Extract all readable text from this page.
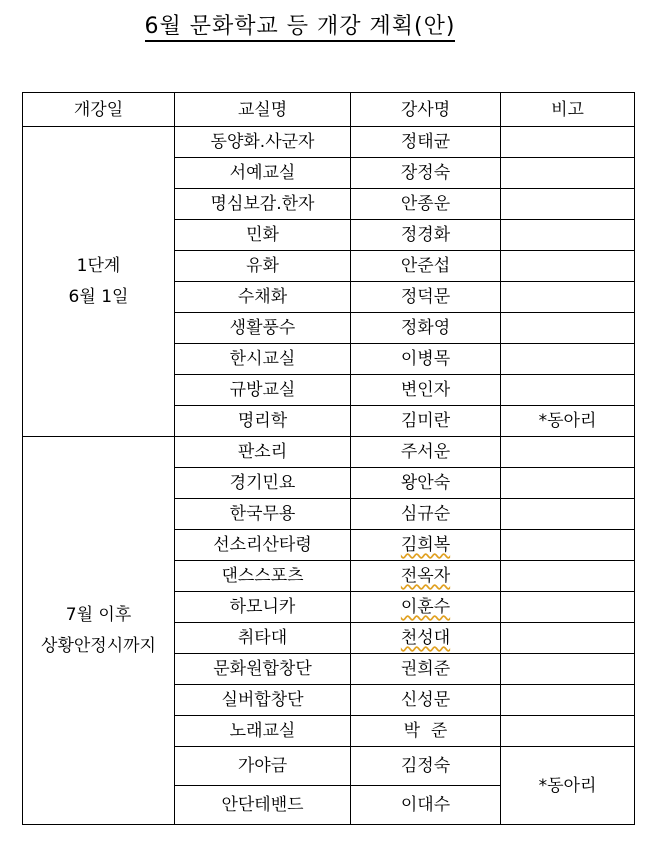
6월 문화학교 등 개강 계획(안)
개강일	교실명	강사명	비고

1단계
6월 1일	동양화.사군자	정태균	
	서예교실	장정숙	
	명심보감.한자	안종운	
	민화	정경화	
	유화	안준섭	
	수채화	정덕문	
	생활풍수	정화영	
	한시교실	이병목	
	규방교실	변인자	
	명리학	김미란	*동아리

7월 이후
상황안정시까지	판소리	주서운	
	경기민요	왕안숙	
	한국무용	심규순	
	선소리산타령	김희복	
	댄스스포츠	전옥자	
	하모니카	이훈수	
	취타대	천성대	
	문화원합창단	권희준	
	실버합창단	신성문	
	노래교실	박  준	
	가야금	김정숙	*동아리
	안단테밴드	이대수	
